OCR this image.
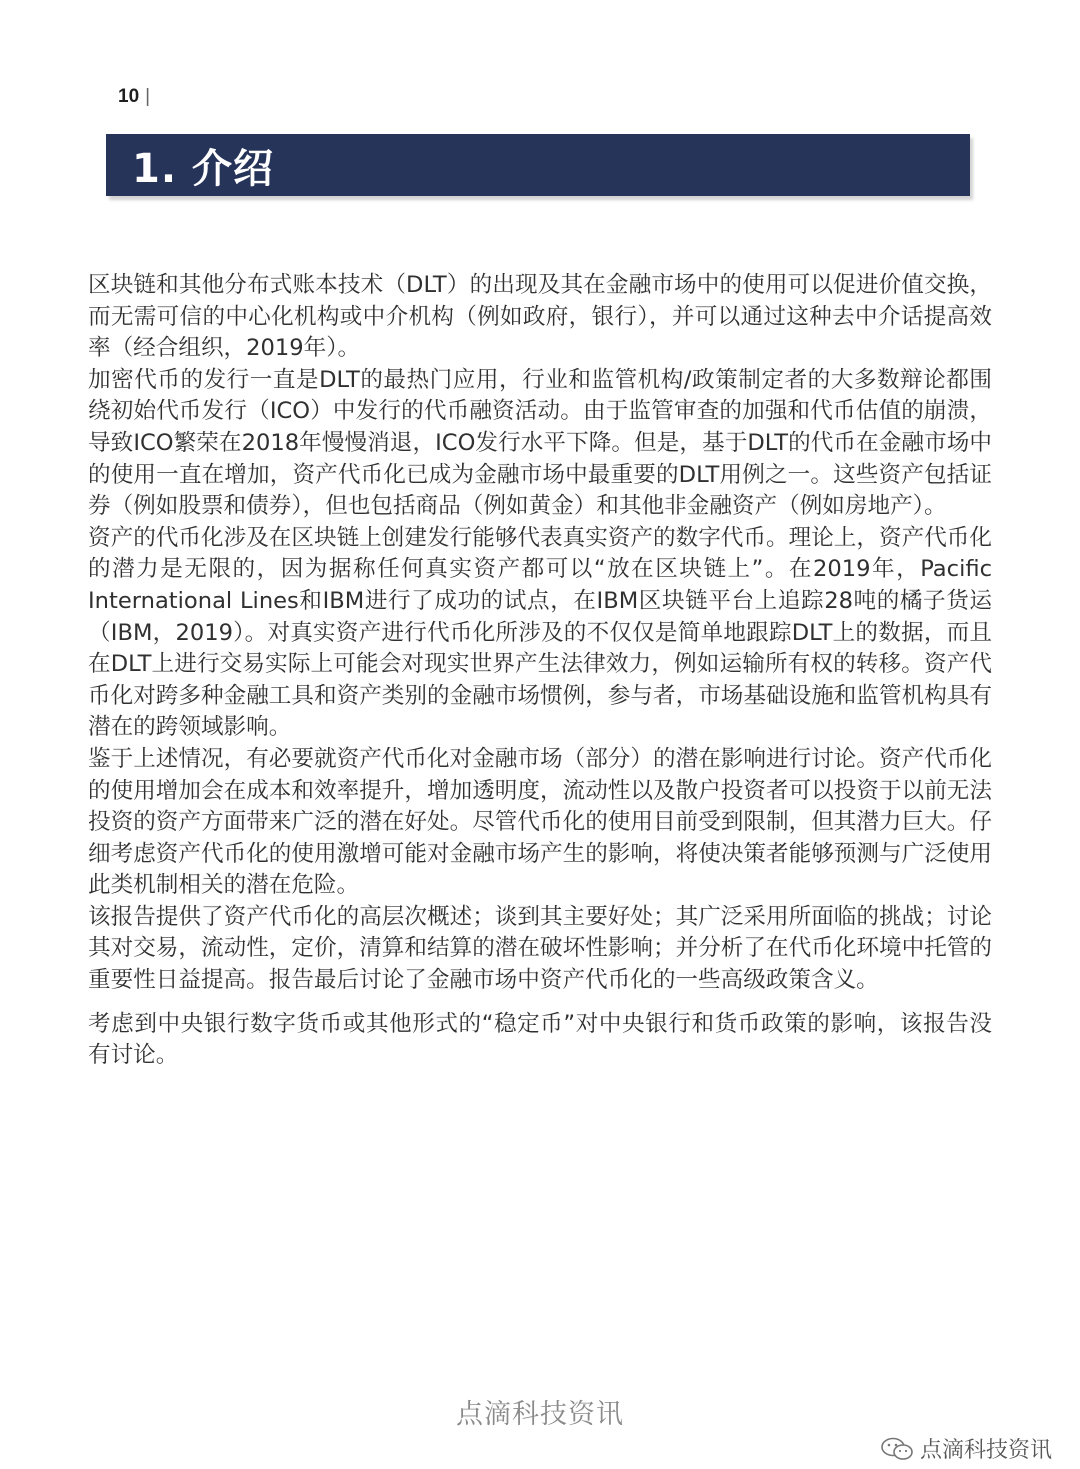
10 |
1. 介绍

区块链和其他分布式账本技术（DLT）的出现及其在金融市场中的使用可以促进价值交换，而无需可信的中心化机构或中介机构（例如政府，银行），并可以通过这种去中介话提高效率（经合组织，2019年）。

加密代币的发行一直是DLT的最热门应用，行业和监管机构/政策制定者的大多数辩论都围绕初始代币发行（ICO）中发行的代币融资活动。由于监管审查的加强和代币估值的崩溃，导致ICO繁荣在2018年慢慢消退，ICO发行水平下降。但是，基于DLT的代币在金融市场中的使用一直在增加，资产代币化已成为金融市场中最重要的DLT用例之一。这些资产包括证券（例如股票和债券），但也包括商品（例如黄金）和其他非金融资产（例如房地产）。

资产的代币化涉及在区块链上创建发行能够代表真实资产的数字代币。理论上，资产代币化的潜力是无限的，因为据称任何真实资产都可以“放在区块链上”。在2019年，Pacific International Lines和IBM进行了成功的试点，在IBM区块链平台上追踪28吨的橘子货运（IBM，2019）。对真实资产进行代币化所涉及的不仅仅是简单地跟踪DLT上的数据，而且在DLT上进行交易实际上可能会对现实世界产生法律效力，例如运输所有权的转移。资产代币化对跨多种金融工具和资产类别的金融市场惯例，参与者，市场基础设施和监管机构具有潜在的跨领域影响。

鉴于上述情况，有必要就资产代币化对金融市场（部分）的潜在影响进行讨论。资产代币化的使用增加会在成本和效率提升，增加透明度，流动性以及散户投资者可以投资于以前无法投资的资产方面带来广泛的潜在好处。尽管代币化的使用目前受到限制，但其潜力巨大。仔细考虑资产代币化的使用激增可能对金融市场产生的影响，将使决策者能够预测与广泛使用此类机制相关的潜在危险。

该报告提供了资产代币化的高层次概述；谈到其主要好处；其广泛采用所面临的挑战；讨论其对交易，流动性，定价，清算和结算的潜在破坏性影响；并分析了在代币化环境中托管的重要性日益提高。报告最后讨论了金融市场中资产代币化的一些高级政策含义。

考虑到中央银行数字货币或其他形式的“稳定币”对中央银行和货币政策的影响，该报告没有讨论。

点滴科技资讯
点滴科技资讯
